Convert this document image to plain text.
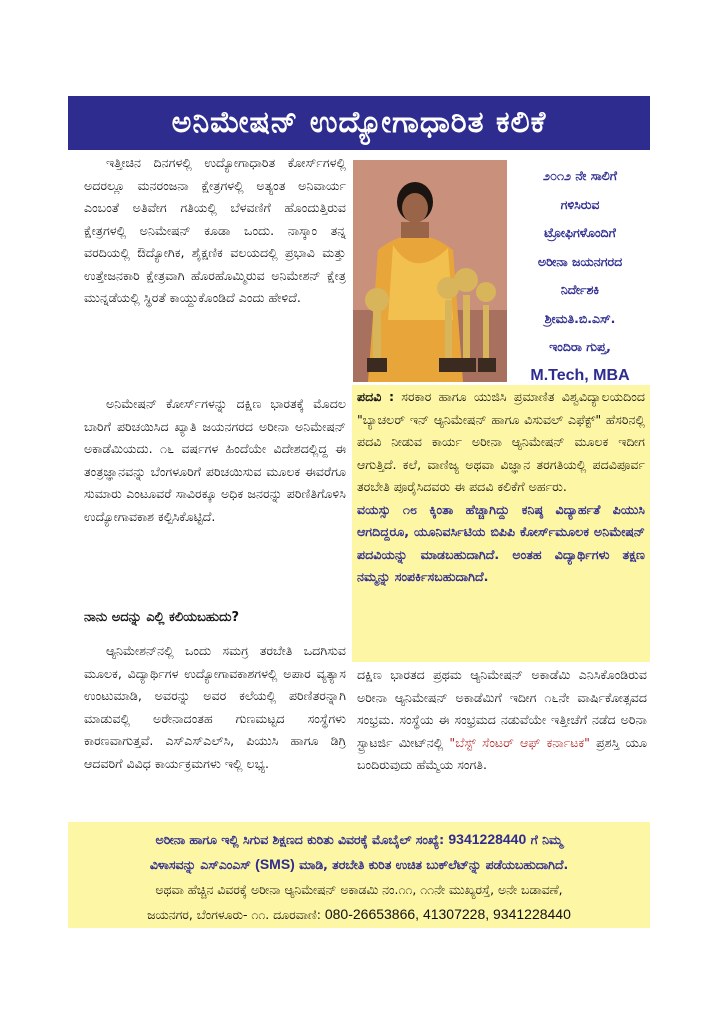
ಅನಿಮೇಷನ್ ಉದ್ಯೋಗಾಧಾರಿತ ಕಲಿಕೆ

ಇತ್ತೀಚಿನ ದಿನಗಳಲ್ಲಿ ಉದ್ಯೋಗಾಧಾರಿತ ಕೋರ್ಸ್‌ಗಳಲ್ಲಿ ಅದರಲ್ಲೂ ಮನರಂಜನಾ ಕ್ಷೇತ್ರಗಳಲ್ಲಿ ಅತ್ಯಂತ ಅನಿವಾರ್ಯ ಎಂಬಂತೆ ಅತಿವೇಗ ಗತಿಯಲ್ಲಿ ಬೆಳವಣಿಗೆ ಹೊಂದುತ್ತಿರುವ ಕ್ಷೇತ್ರಗಳಲ್ಲಿ ಅನಿಮೇಷನ್ ಕೂಡಾ ಒಂದು. ನಾಸ್ಕಾಂ ತನ್ನ ವರದಿಯಲ್ಲಿ ಔದ್ಯೋಗಿಕ, ಶೈಕ್ಷಣಿಕ ವಲಯದಲ್ಲಿ ಪ್ರಭಾವಿ ಮತ್ತು ಉತ್ತೇಜನಕಾರಿ ಕ್ಷೇತ್ರವಾಗಿ ಹೊರಹೊಮ್ಮಿರುವ ಅನಿಮೇಶನ್ ಕ್ಷೇತ್ರ ಮುನ್ನಡೆಯಲ್ಲಿ ಸ್ಥಿರತೆ ಕಾಯ್ದುಕೊಂಡಿದೆ ಎಂದು ಹೇಳಿದೆ.

ಅನಿಮೇಷನ್ ಕೋರ್ಸ್‌ಗಳನ್ನು ದಕ್ಷಿಣ ಭಾರತಕ್ಕೆ ಮೊದಲ ಬಾರಿಗೆ ಪರಿಚಯಿಸಿದ ಖ್ಯಾತಿ ಜಯನಗರದ ಅರೀನಾ ಅನಿಮೇಷನ್ ಅಕಾಡೆಮಿಯದು. ೧೬ ವರ್ಷಗಳ ಹಿಂದೆಯೇ ವಿದೇಶದಲ್ಲಿದ್ದ ಈ ತಂತ್ರಜ್ಞಾನವನ್ನು ಬೆಂಗಳೂರಿಗೆ ಪರಿಚಯಿಸುವ ಮೂಲಕ ಈವರೆಗೂ ಸುಮಾರು ಎಂಟೂವರೆ ಸಾವಿರಕ್ಕೂ ಅಧಿಕ ಜನರನ್ನು ಪರಿಣಿತಿಗೊಳಿಸಿ ಉದ್ಯೋಗಾವಕಾಶ ಕಲ್ಪಿಸಿಕೊಟ್ಟಿದೆ.

ನಾನು ಅದನ್ನು ಎಲ್ಲಿ ಕಲಿಯಬಹುದು?

ಆ್ಯನಿಮೇಶನ್‌ನಲ್ಲಿ ಒಂದು ಸಮಗ್ರ ತರಬೇತಿ ಒದಗಿಸುವ ಮೂಲಕ, ವಿದ್ಯಾರ್ಥಿಗಳ ಉದ್ಯೋಗಾವಕಾಶಗಳಲ್ಲಿ ಅಪಾರ ವ್ಯತ್ಯಾಸ ಉಂಟುಮಾಡಿ, ಅವರನ್ನು ಅವರ ಕಲೆಯಲ್ಲಿ ಪರಿಣಿತರನ್ನಾಗಿ ಮಾಡುವಲ್ಲಿ ಅರೇನಾದಂತಹ ಗುಣಮಟ್ಟದ ಸಂಸ್ಥೆಗಳು ಕಾರಣವಾಗುತ್ತವೆ. ಎಸ್‌ಎಸ್‌ಎಲ್‌ಸಿ, ಪಿಯುಸಿ ಹಾಗೂ ಡಿಗ್ರಿ ಆದವರಿಗೆ ವಿವಿಧ ಕಾರ್ಯಕ್ರಮಗಳು ಇಲ್ಲಿ ಲಭ್ಯ.

೨೦೧೨ ನೇ ಸಾಲಿಗೆ
ಗಳಿಸಿರುವ
ಟ್ರೋಫಿಗಳೊಂದಿಗೆ
ಅರೀನಾ ಜಯನಗರದ
ನಿರ್ದೇಶಕಿ
ಶ್ರೀಮತಿ.ಬಿ.ಎಸ್.
ಇಂದಿರಾ ಗುಪ್ತ,
M.Tech, MBA
ಪದವಿ : ಸರಕಾರ ಹಾಗೂ ಯುಜಿಸಿ ಪ್ರಮಾಣಿತ ವಿಶ್ವವಿದ್ಯಾಲಯದಿಂದ "ಬ್ಯಾಚಲರ್ ಇನ್ ಆ್ಯನಿಮೇಷನ್ ಹಾಗೂ ವಿಸುವಲ್ ಎಫೆಕ್ಟ್" ಹೆಸರಿನಲ್ಲಿ ಪದವಿ ನೀಡುವ ಕಾರ್ಯ ಅರೀನಾ ಆ್ಯನಿಮೇಷನ್ ಮೂಲಕ ಇದೀಗ ಆಗುತ್ತಿದೆ. ಕಲೆ, ವಾಣಿಜ್ಯ ಅಥವಾ ವಿಜ್ಞಾನ ತರಗತಿಯಲ್ಲಿ ಪದವಿಪೂರ್ವ ತರಬೇತಿ ಪೂರೈಸಿದವರು ಈ ಪದವಿ ಕಲಿಕೆಗೆ ಅರ್ಹರು.
ವಯಸ್ಸು ೧೮ ಕ್ಕಿಂತಾ ಹೆಚ್ಚಾಗಿದ್ದು ಕನಿಷ್ಠ ವಿದ್ಯಾರ್ಹತೆ ಪಿಯುಸಿ ಆಗದಿದ್ದರೂ, ಯೂನಿವರ್ಸಿಟಿಯ ಬಿಪಿಪಿ ಕೋರ್ಸ್‌ಮೂಲಕ ಅನಿಮೇಷನ್ ಪದವಿಯನ್ನು ಮಾಡಬಹುದಾಗಿದೆ. ಅಂತಹ ವಿದ್ಯಾರ್ಥಿಗಳು ತಕ್ಷಣ ನಮ್ಮನ್ನು ಸಂಪರ್ಕಿಸಬಹುದಾಗಿದೆ.

ದಕ್ಷಿಣ ಭಾರತದ ಪ್ರಥಮ ಆ್ಯನಿಮೇಷನ್ ಅಕಾಡೆಮಿ ಎನಿಸಿಕೊಂಡಿರುವ ಅರೀನಾ ಆ್ಯನಿಮೇಷನ್ ಅಕಾಡೆಮಿಗೆ ಇದೀಗ ೧೬ನೇ ವಾರ್ಷಿಕೋತ್ಸವದ ಸಂಭ್ರಮ. ಸಂಸ್ಥೆಯ ಈ ಸಂಭ್ರಮದ ನಡುವೆಯೇ ಇತ್ತೀಚೆಗೆ ನಡೆದ ಅರಿನಾ ಸ್ಟ್ರಾಟರ್ಜಿ ಮೀಟ್‌ನಲ್ಲಿ "ಬೆಸ್ಟ್ ಸೆಂಟರ್ ಆಫ್ ಕರ್ನಾಟಕ" ಪ್ರಶಸ್ತಿ ಯೂ ಬಂದಿರುವುದು ಹೆಮ್ಮೆಯ ಸಂಗತಿ.

ಅರೀನಾ ಹಾಗೂ ಇಲ್ಲಿ ಸಿಗುವ ಶಿಕ್ಷಣದ ಕುರಿತು ವಿವರಕ್ಕೆ ಮೊಬೈಲ್ ಸಂಖ್ಯೆ: 9341228440 ಗೆ ನಿಮ್ಮ
ವಿಳಾಸವನ್ನು ಎಸ್‌ಎಂಎಸ್ (SMS) ಮಾಡಿ, ತರಬೇತಿ ಕುರಿತ ಉಚಿತ ಬುಕ್‌ಲೆಟ್‌ನ್ನು ಪಡೆಯಬಹುದಾಗಿದೆ.
ಅಥವಾ ಹೆಚ್ಚಿನ ವಿವರಕ್ಕೆ ಅರೀನಾ ಆ್ಯನಿಮೇಷನ್ ಅಕಾಡಮಿ ನಂ.೧೧, ೧೧ನೇ ಮುಖ್ಯರಸ್ತೆ, ಅನೇ ಬಡಾವಣೆ,
ಜಯನಗರ, ಬೆಂಗಳೂರು- ೧೧. ದೂರವಾಣಿ: 080-26653866, 41307228, 9341228440
